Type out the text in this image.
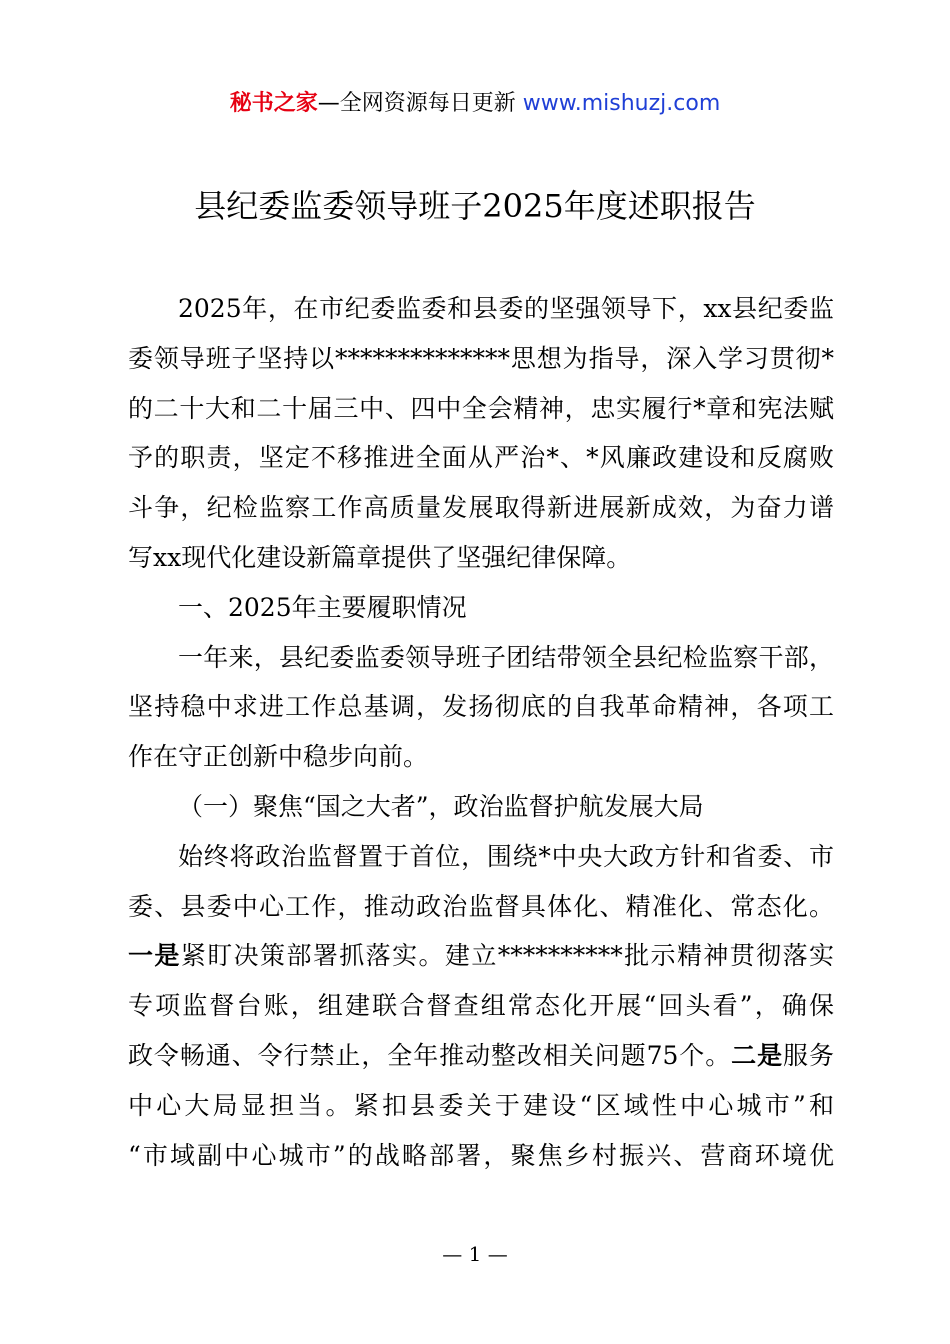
秘书之家—全网资源每日更新 www.mishuzj.com
县纪委监委领导班子2025年度述职报告
2025年，在市纪委监委和县委的坚强领导下，xx县纪委监
委领导班子坚持以**************思想为指导，深入学习贯彻*
的二十大和二十届三中、四中全会精神，忠实履行*章和宪法赋
予的职责，坚定不移推进全面从严治*、*风廉政建设和反腐败
斗争，纪检监察工作高质量发展取得新进展新成效，为奋力谱
写xx现代化建设新篇章提供了坚强纪律保障。
一、2025年主要履职情况
一年来，县纪委监委领导班子团结带领全县纪检监察干部，
坚持稳中求进工作总基调，发扬彻底的自我革命精神，各项工
作在守正创新中稳步向前。
（一）聚焦“国之大者”，政治监督护航发展大局
始终将政治监督置于首位，围绕*中央大政方针和省委、市
委、县委中心工作，推动政治监督具体化、精准化、常态化。
一是紧盯决策部署抓落实。建立**********批示精神贯彻落实
专项监督台账，组建联合督查组常态化开展“回头看”，确保
政令畅通、令行禁止，全年推动整改相关问题75个。二是服务
中心大局显担当。紧扣县委关于建设“区域性中心城市”和
“市域副中心城市”的战略部署，聚焦乡村振兴、营商环境优
— 1 —
